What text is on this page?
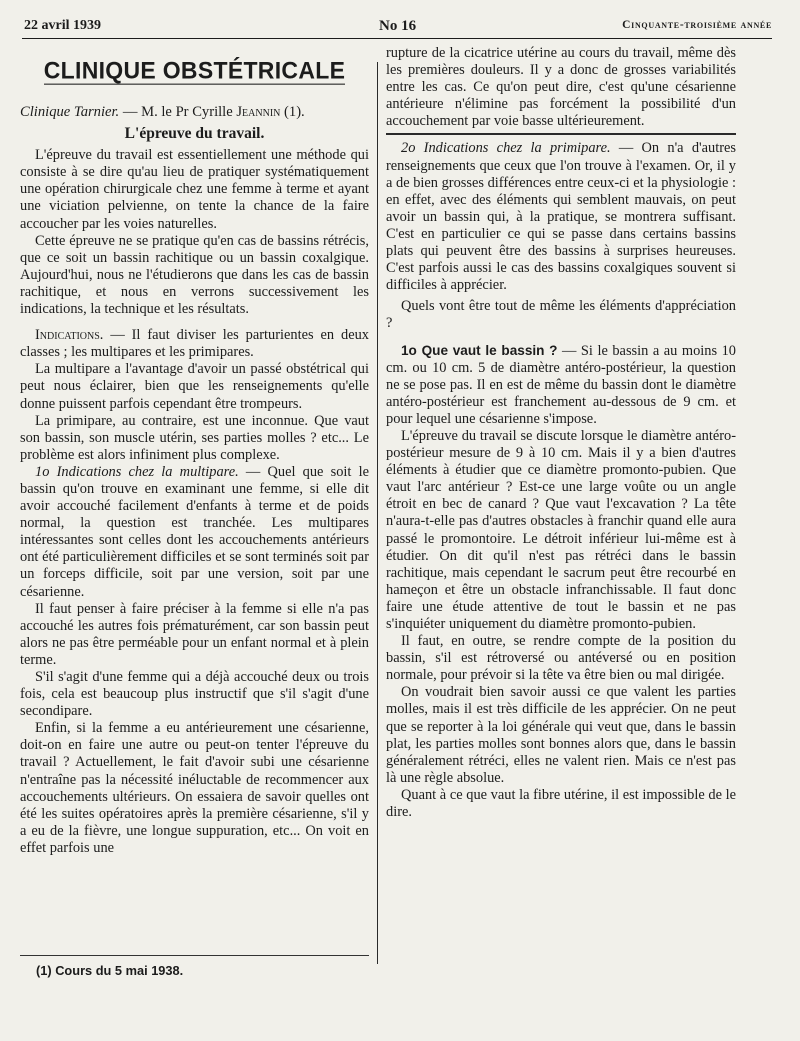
22 avril 1939	No 16	Cinquante-troisième année
CLINIQUE OBSTÉTRICALE

Clinique Tarnier. — M. le Pr Cyrille Jeannin (1).

L'épreuve du travail.

L'épreuve du travail est essentiellement une méthode qui consiste à se dire qu'au lieu de pratiquer systématiquement une opération chirurgicale chez une femme à terme et ayant une viciation pelvienne, on tente la chance de la faire accoucher par les voies naturelles.

Cette épreuve ne se pratique qu'en cas de bassins rétrécis, que ce soit un bassin rachitique ou un bassin coxalgique. Aujourd'hui, nous ne l'étudierons que dans les cas de bassin rachitique, et nous en verrons successivement les indications, la technique et les résultats.

Indications. — Il faut diviser les parturientes en deux classes ; les multipares et les primipares.

La multipare a l'avantage d'avoir un passé obstétrical qui peut nous éclairer, bien que les renseignements qu'elle donne puissent parfois cependant être trompeurs.

La primipare, au contraire, est une inconnue. Que vaut son bassin, son muscle utérin, ses parties molles ? etc... Le problème est alors infiniment plus complexe.

1o Indications chez la multipare. — Quel que soit le bassin qu'on trouve en examinant une femme, si elle dit avoir accouché facilement d'enfants à terme et de poids normal, la question est tranchée. Les multipares intéressantes sont celles dont les accouchements antérieurs ont été particulièrement difficiles et se sont terminés soit par un forceps difficile, soit par une version, soit par une césarienne.

Il faut penser à faire préciser à la femme si elle n'a pas accouché les autres fois prématurément, car son bassin peut alors ne pas être perméable pour un enfant normal et à plein terme.

S'il s'agit d'une femme qui a déjà accouché deux ou trois fois, cela est beaucoup plus instructif que s'il s'agit d'une secondipare.

Enfin, si la femme a eu antérieurement une césarienne, doit-on en faire une autre ou peut-on tenter l'épreuve du travail ? Actuellement, le fait d'avoir subi une césarienne n'entraîne pas la nécessité inéluctable de recommencer aux accouchements ultérieurs. On essaiera de savoir quelles ont été les suites opératoires après la première césarienne, s'il y a eu de la fièvre, une longue suppuration, etc... On voit en effet parfois une

(1) Cours du 5 mai 1938.

rupture de la cicatrice utérine au cours du travail, même dès les premières douleurs. Il y a donc de grosses variabilités entre les cas. Ce qu'on peut dire, c'est qu'une césarienne antérieure n'élimine pas forcément la possibilité d'un accouchement par voie basse ultérieurement.

2o Indications chez la primipare. — On n'a d'autres renseignements que ceux que l'on trouve à l'examen. Or, il y a de bien grosses différences entre ceux-ci et la physiologie : en effet, avec des éléments qui semblent mauvais, on peut avoir un bassin qui, à la pratique, se montrera suffisant. C'est en particulier ce qui se passe dans certains bassins plats qui peuvent être des bassins à surprises heureuses. C'est parfois aussi le cas des bassins coxalgiques souvent si difficiles à apprécier.

Quels vont être tout de même les éléments d'appréciation ?

1o Que vaut le bassin ? — Si le bassin a au moins 10 cm. ou 10 cm. 5 de diamètre antéro-postérieur, la question ne se pose pas. Il en est de même du bassin dont le diamètre antéro-postérieur est franchement au-dessous de 9 cm. et pour lequel une césarienne s'impose.

L'épreuve du travail se discute lorsque le diamètre antéro-postérieur mesure de 9 à 10 cm. Mais il y a bien d'autres éléments à étudier que ce diamètre promonto-pubien. Que vaut l'arc antérieur ? Est-ce une large voûte ou un angle étroit en bec de canard ? Que vaut l'excavation ? La tête n'aura-t-elle pas d'autres obstacles à franchir quand elle aura passé le promontoire. Le détroit inférieur lui-même est à étudier. On dit qu'il n'est pas rétréci dans le bassin rachitique, mais cependant le sacrum peut être recourbé en hameçon et être un obstacle infranchissable. Il faut donc faire une étude attentive de tout le bassin et ne pas s'inquiéter uniquement du diamètre promonto-pubien.

Il faut, en outre, se rendre compte de la position du bassin, s'il est rétroversé ou antéversé ou en position normale, pour prévoir si la tête va être bien ou mal dirigée.

On voudrait bien savoir aussi ce que valent les parties molles, mais il est très difficile de les apprécier. On ne peut que se reporter à la loi générale qui veut que, dans le bassin plat, les parties molles sont bonnes alors que, dans le bassin généralement rétréci, elles ne valent rien. Mais ce n'est pas là une règle absolue.

Quant à ce que vaut la fibre utérine, il est impossible de le dire.
